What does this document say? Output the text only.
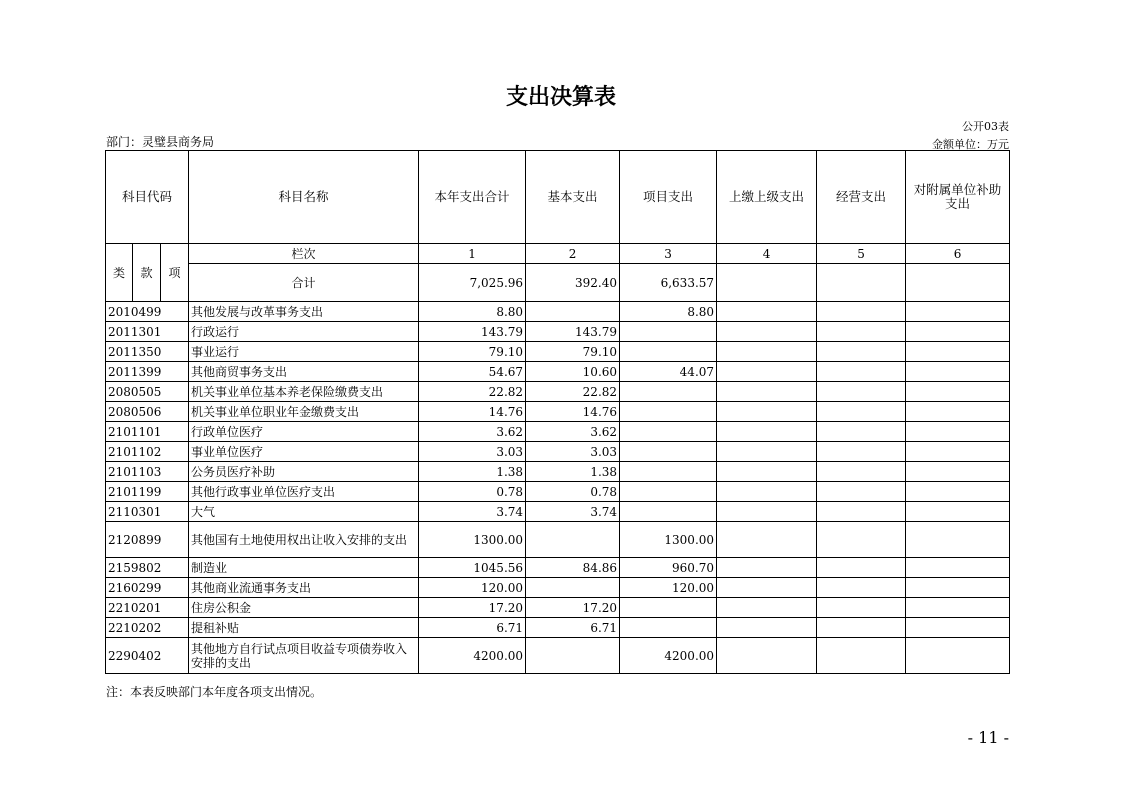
支出决算表
公开03表
部门：灵璧县商务局	金额单位：万元
科目代码			科目名称	本年支出合计	基本支出	项目支出	上缴上级支出	经营支出	对附属单位补助支出
类	款	项	栏次	1	2	3	4	5	6
			合计	7,025.96	392.40	6,633.57			
2010499			其他发展与改革事务支出	8.80		8.80			
2011301			行政运行	143.79	143.79				
2011350			事业运行	79.10	79.10				
2011399			其他商贸事务支出	54.67	10.60	44.07			
2080505			机关事业单位基本养老保险缴费支出	22.82	22.82				
2080506			机关事业单位职业年金缴费支出	14.76	14.76				
2101101			行政单位医疗	3.62	3.62				
2101102			事业单位医疗	3.03	3.03				
2101103			公务员医疗补助	1.38	1.38				
2101199			其他行政事业单位医疗支出	0.78	0.78				
2110301			大气	3.74	3.74				
2120899			其他国有土地使用权出让收入安排的支出	1300.00		1300.00			
2159802			制造业	1045.56	84.86	960.70			
2160299			其他商业流通事务支出	120.00		120.00			
2210201			住房公积金	17.20	17.20				
2210202			提租补贴	6.71	6.71				
2290402			其他地方自行试点项目收益专项债券收入安排的支出	4200.00		4200.00			
注：本表反映部门本年度各项支出情况。
- 11 -
